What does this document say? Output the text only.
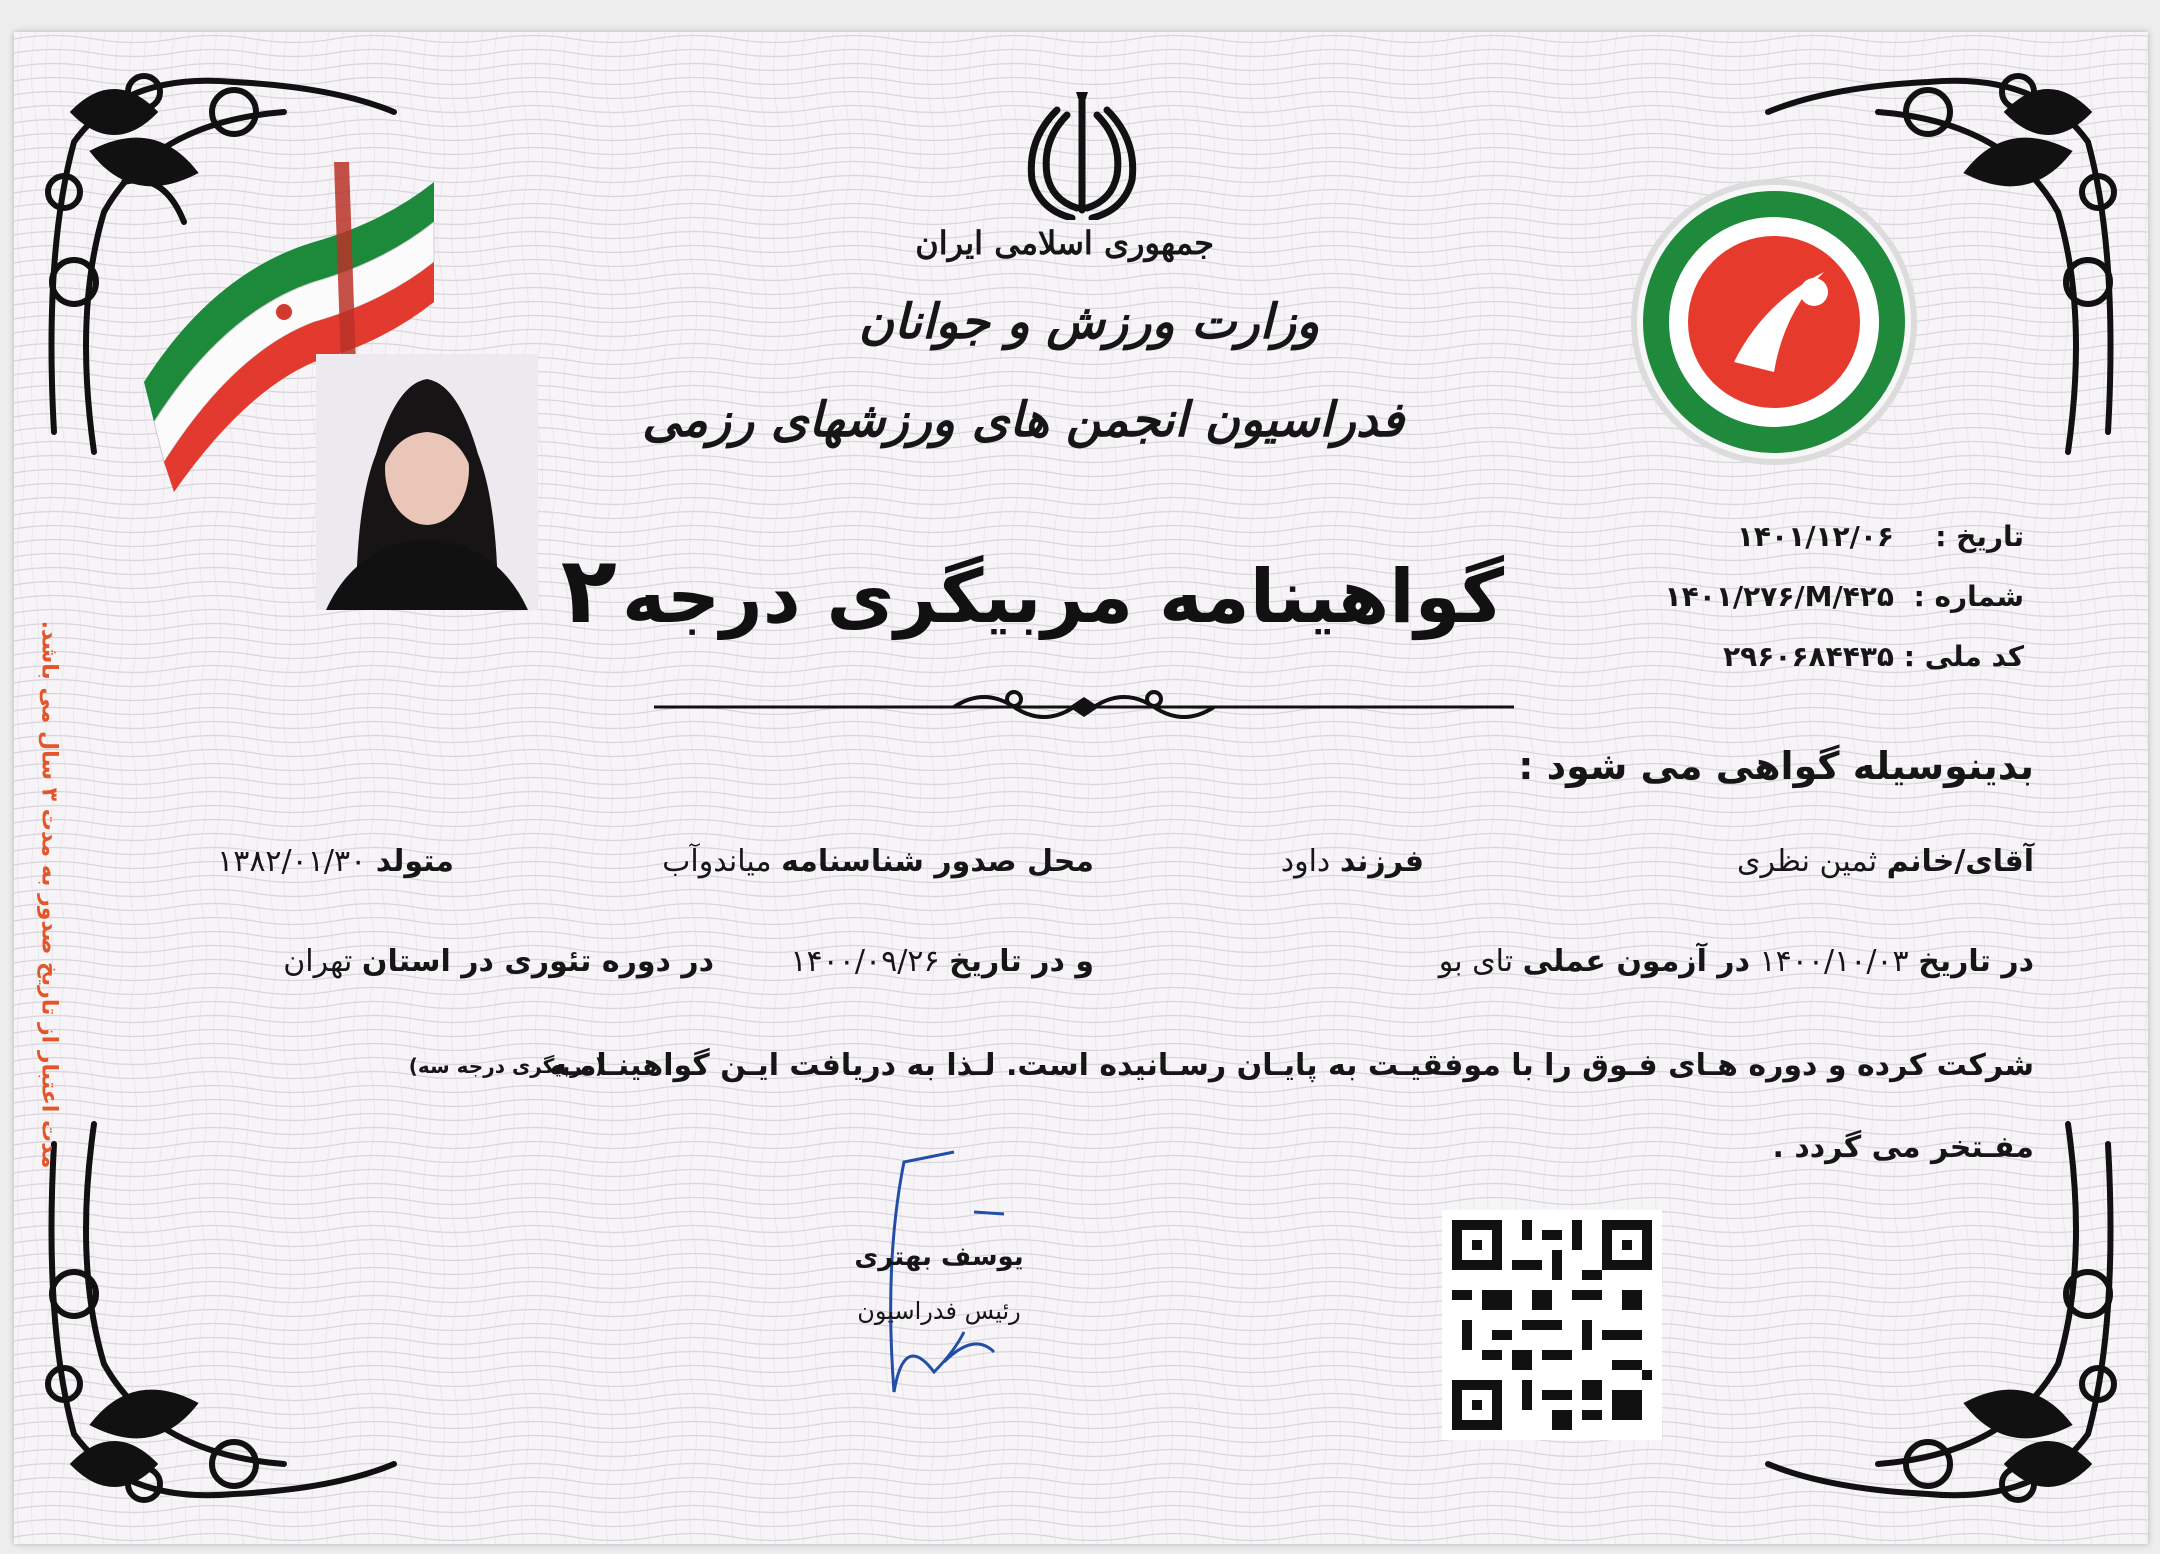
جمهوری اسلامی ایران
وزارت ورزش و جوانان
فدراسیون انجمن های ورزشهای رزمی
گواهینامه مربیگری درجه ۲
تاریخ :
۱۴۰۱/۱۲/۰۶
شماره :
۱۴۰۱/۲۷۶/M/۴۲۵
کد ملی :
۲۹۶۰۶۸۴۴۳۵
بدینوسیله گواهی می شود :
آقای/خانم ثمین نظری
فرزند داود
محل صدور شناسنامه میاندوآب
متولد ۱۳۸۲/۰۱/۳۰
در تاریخ ۱۴۰۰/۱۰/۰۳ در آزمون عملی تای بو
و در تاریخ ۱۴۰۰/۰۹/۲۶
در دوره تئوری در استان تهران
شرکت کرده و دوره هـای فـوق را با موفقیـت به پایـان رسـانیده است. لـذا به دریافت ایـن گواهینـامـه
(مربیگری درجه سه)
مفـتخر می گردد .
یوسف بهتری
رئیس فدراسیون
مدت اعتبار از تاریخ صدور به مدت ۳ سال می باشد.
